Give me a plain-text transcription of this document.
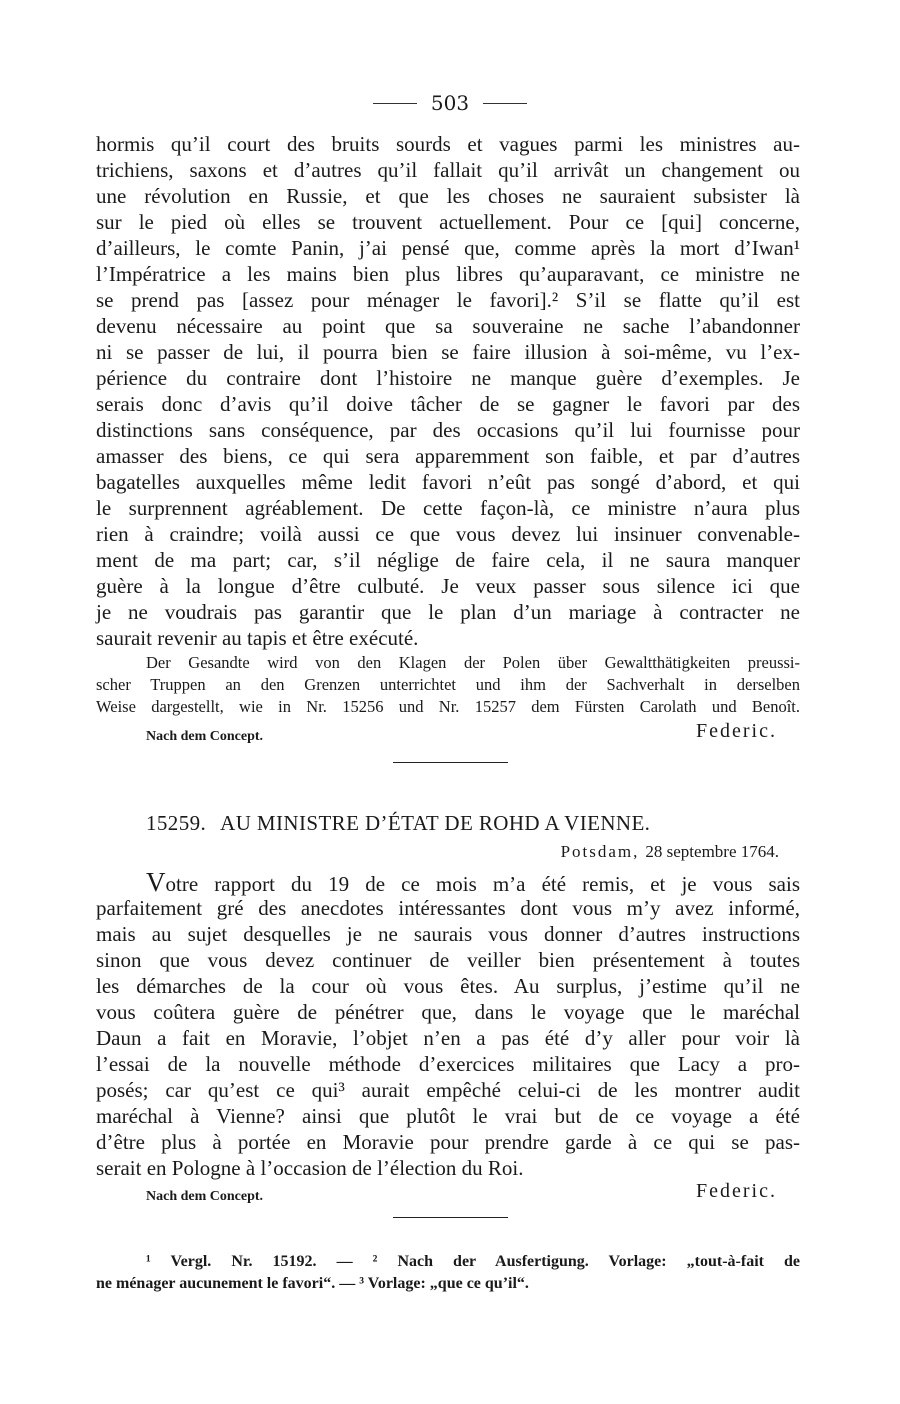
503
hormis qu’il court des bruits sourds et vagues parmi les ministres au-
trichiens, saxons et d’autres qu’il fallait qu’il arrivât un changement ou
une révolution en Russie, et que les choses ne sauraient subsister là
sur le pied où elles se trouvent actuellement. Pour ce [qui] concerne,
d’ailleurs, le comte Panin, j’ai pensé que, comme après la mort d’Iwan¹
l’Impératrice a les mains bien plus libres qu’auparavant, ce ministre ne
se prend pas [assez pour ménager le favori].² S’il se flatte qu’il est
devenu nécessaire au point que sa souveraine ne sache l’abandonner
ni se passer de lui, il pourra bien se faire illusion à soi-même, vu l’ex-
périence du contraire dont l’histoire ne manque guère d’exemples. Je
serais donc d’avis qu’il doive tâcher de se gagner le favori par des
distinctions sans conséquence, par des occasions qu’il lui fournisse pour
amasser des biens, ce qui sera apparemment son faible, et par d’autres
bagatelles auxquelles même ledit favori n’eût pas songé d’abord, et qui
le surprennent agréablement. De cette façon-là, ce ministre n’aura plus
rien à craindre; voilà aussi ce que vous devez lui insinuer convenable-
ment de ma part; car, s’il néglige de faire cela, il ne saura manquer
guère à la longue d’être culbuté. Je veux passer sous silence ici que
je ne voudrais pas garantir que le plan d’un mariage à contracter ne
saurait revenir au tapis et être exécuté.
Der Gesandte wird von den Klagen der Polen über Gewaltthätigkeiten preussi-
scher Truppen an den Grenzen unterrichtet und ihm der Sachverhalt in derselben
Weise dargestellt, wie in Nr. 15256 und Nr. 15257 dem Fürsten Carolath und Benoît.
Nach dem Concept.	Federic.
15259. AU MINISTRE D’ÉTAT DE ROHD A VIENNE.
Potsdam, 28 septembre 1764.
Votre rapport du 19 de ce mois m’a été remis, et je vous sais
parfaitement gré des anecdotes intéressantes dont vous m’y avez informé,
mais au sujet desquelles je ne saurais vous donner d’autres instructions
sinon que vous devez continuer de veiller bien présentement à toutes
les démarches de la cour où vous êtes. Au surplus, j’estime qu’il ne
vous coûtera guère de pénétrer que, dans le voyage que le maréchal
Daun a fait en Moravie, l’objet n’en a pas été d’y aller pour voir là
l’essai de la nouvelle méthode d’exercices militaires que Lacy a pro-
posés; car qu’est ce qui³ aurait empêché celui-ci de les montrer audit
maréchal à Vienne? ainsi que plutôt le vrai but de ce voyage a été
d’être plus à portée en Moravie pour prendre garde à ce qui se pas-
serait en Pologne à l’occasion de l’élection du Roi.
Nach dem Concept.	Federic.
¹ Vergl. Nr. 15192. — ² Nach der Ausfertigung. Vorlage: „tout-à-fait de
ne ménager aucunement le favori“. — ³ Vorlage: „que ce qu’il“.
